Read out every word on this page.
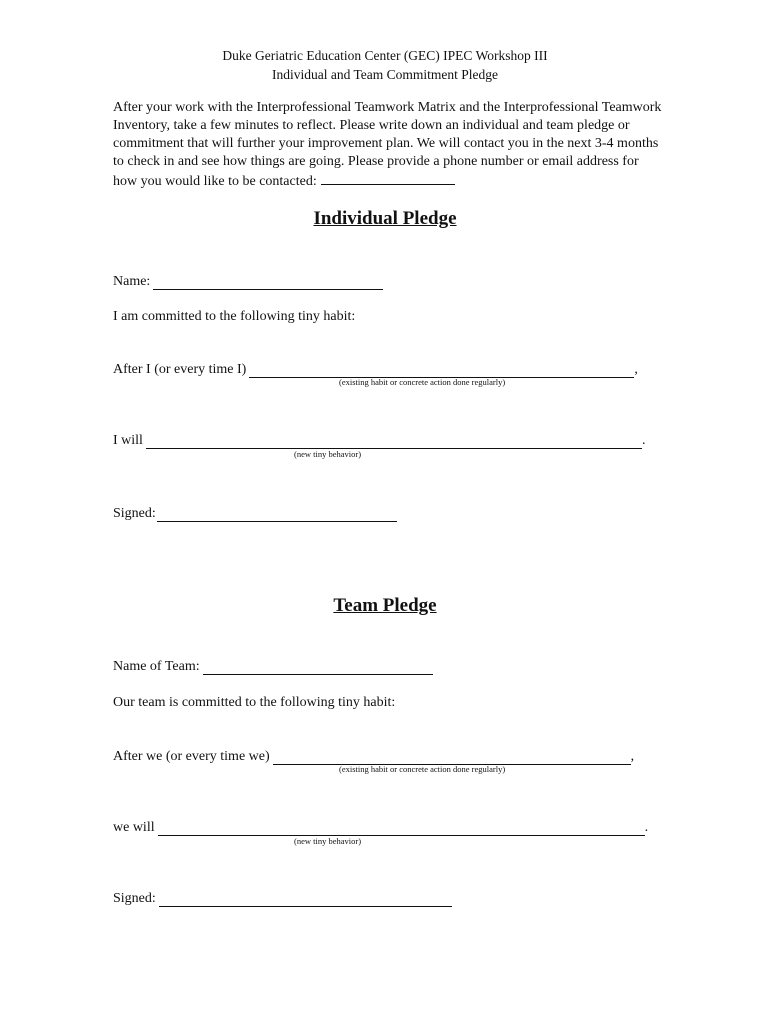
Duke Geriatric Education Center (GEC) IPEC Workshop III
Individual and Team Commitment Pledge
After your work with the Interprofessional Teamwork Matrix and the Interprofessional Teamwork Inventory, take a few minutes to reflect. Please write down an individual and team pledge or commitment that will further your improvement plan. We will contact you in the next 3-4 months to check in and see how things are going. Please provide a phone number or email address for how you would like to be contacted:
Individual Pledge
Name:
I am committed to the following tiny habit:
After I (or every time I)	,
(existing habit or concrete action done regularly)
I will	.
(new tiny behavior)
Signed:
Team Pledge
Name of Team:
Our team is committed to the following tiny habit:
After we (or every time we)	,
(existing habit or concrete action done regularly)
we will	.
(new tiny behavior)
Signed:
